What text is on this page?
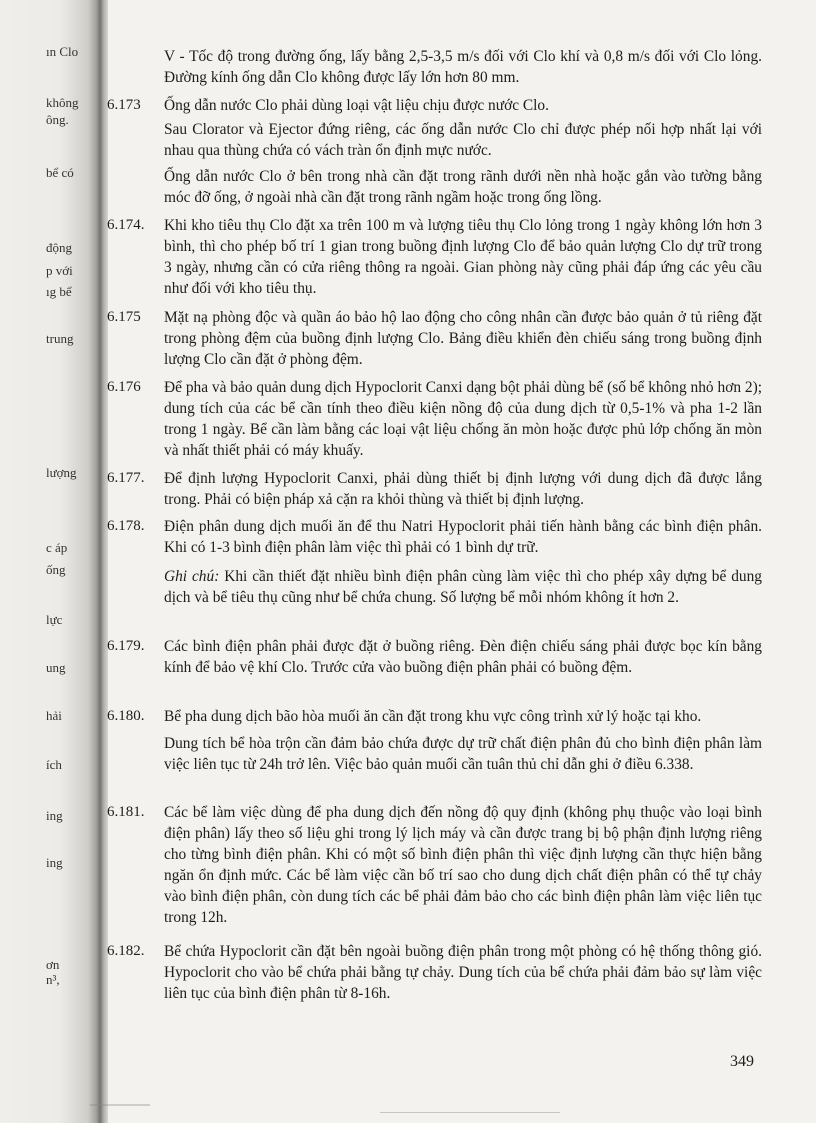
ın Clo
không
ông.
bể có
động
p với
ıg bể
trung
lượng
c áp
ống
lực
ung
hải
ích
ing
ing
ơn
n³,
V - Tốc độ trong đường ống, lấy bằng 2,5-3,5 m/s đối với Clo khí và 0,8 m/s đối với Clo lỏng. Đường kính ống dẫn Clo không được lấy lớn hơn 80 mm.
6.173 Ống dẫn nước Clo phải dùng loại vật liệu chịu được nước Clo.
Sau Clorator và Ejector đứng riêng, các ống dẫn nước Clo chỉ được phép nối hợp nhất lại với nhau qua thùng chứa có vách tràn ổn định mực nước.
Ống dẫn nước Clo ở bên trong nhà cần đặt trong rãnh dưới nền nhà hoặc gắn vào tường bằng móc đỡ ống, ở ngoài nhà cần đặt trong rãnh ngầm hoặc trong ống lồng.
6.174. Khi kho tiêu thụ Clo đặt xa trên 100 m và lượng tiêu thụ Clo lỏng trong 1 ngày không lớn hơn 3 bình, thì cho phép bố trí 1 gian trong buồng định lượng Clo để bảo quản lượng Clo dự trữ trong 3 ngày, nhưng cần có cửa riêng thông ra ngoài. Gian phòng này cũng phải đáp ứng các yêu cầu như đối với kho tiêu thụ.
6.175 Mặt nạ phòng độc và quần áo bảo hộ lao động cho công nhân cần được bảo quản ở tủ riêng đặt trong phòng đệm của buồng định lượng Clo. Bảng điều khiển đèn chiếu sáng trong buồng định lượng Clo cần đặt ở phòng đệm.
6.176 Để pha và bảo quản dung dịch Hypoclorit Canxi dạng bột phải dùng bể (số bể không nhỏ hơn 2); dung tích của các bể cần tính theo điều kiện nồng độ của dung dịch từ 0,5-1% và pha 1-2 lần trong 1 ngày. Bể cần làm bằng các loại vật liệu chống ăn mòn hoặc được phủ lớp chống ăn mòn và nhất thiết phải có máy khuấy.
6.177. Để định lượng Hypoclorit Canxi, phải dùng thiết bị định lượng với dung dịch đã được lắng trong. Phải có biện pháp xả cặn ra khỏi thùng và thiết bị định lượng.
6.178. Điện phân dung dịch muối ăn để thu Natri Hypoclorit phải tiến hành bằng các bình điện phân. Khi có 1-3 bình điện phân làm việc thì phải có 1 bình dự trữ.
Ghi chú: Khi cần thiết đặt nhiều bình điện phân cùng làm việc thì cho phép xây dựng bể dung dịch và bể tiêu thụ cũng như bể chứa chung. Số lượng bể mỗi nhóm không ít hơn 2.
6.179. Các bình điện phân phải được đặt ở buồng riêng. Đèn điện chiếu sáng phải được bọc kín bằng kính để bảo vệ khí Clo. Trước cửa vào buồng điện phân phải có buồng đệm.
6.180. Bể pha dung dịch bão hòa muối ăn cần đặt trong khu vực công trình xử lý hoặc tại kho.
Dung tích bể hòa trộn cần đảm bảo chứa được dự trữ chất điện phân đủ cho bình điện phân làm việc liên tục từ 24h trở lên. Việc bảo quản muối cần tuân thủ chỉ dẫn ghi ở điều 6.338.
6.181. Các bể làm việc dùng để pha dung dịch đến nồng độ quy định (không phụ thuộc vào loại bình điện phân) lấy theo số liệu ghi trong lý lịch máy và cần được trang bị bộ phận định lượng riêng cho từng bình điện phân. Khi có một số bình điện phân thì việc định lượng cần thực hiện bằng ngăn ổn định mức. Các bể làm việc cần bố trí sao cho dung dịch chất điện phân có thể tự chảy vào bình điện phân, còn dung tích các bể phải đảm bảo cho các bình điện phân làm việc liên tục trong 12h.
6.182. Bể chứa Hypoclorit cần đặt bên ngoài buồng điện phân trong một phòng có hệ thống thông gió. Hypoclorit cho vào bể chứa phải bằng tự chảy. Dung tích của bể chứa phải đảm bảo sự làm việc liên tục của bình điện phân từ 8-16h.
349
